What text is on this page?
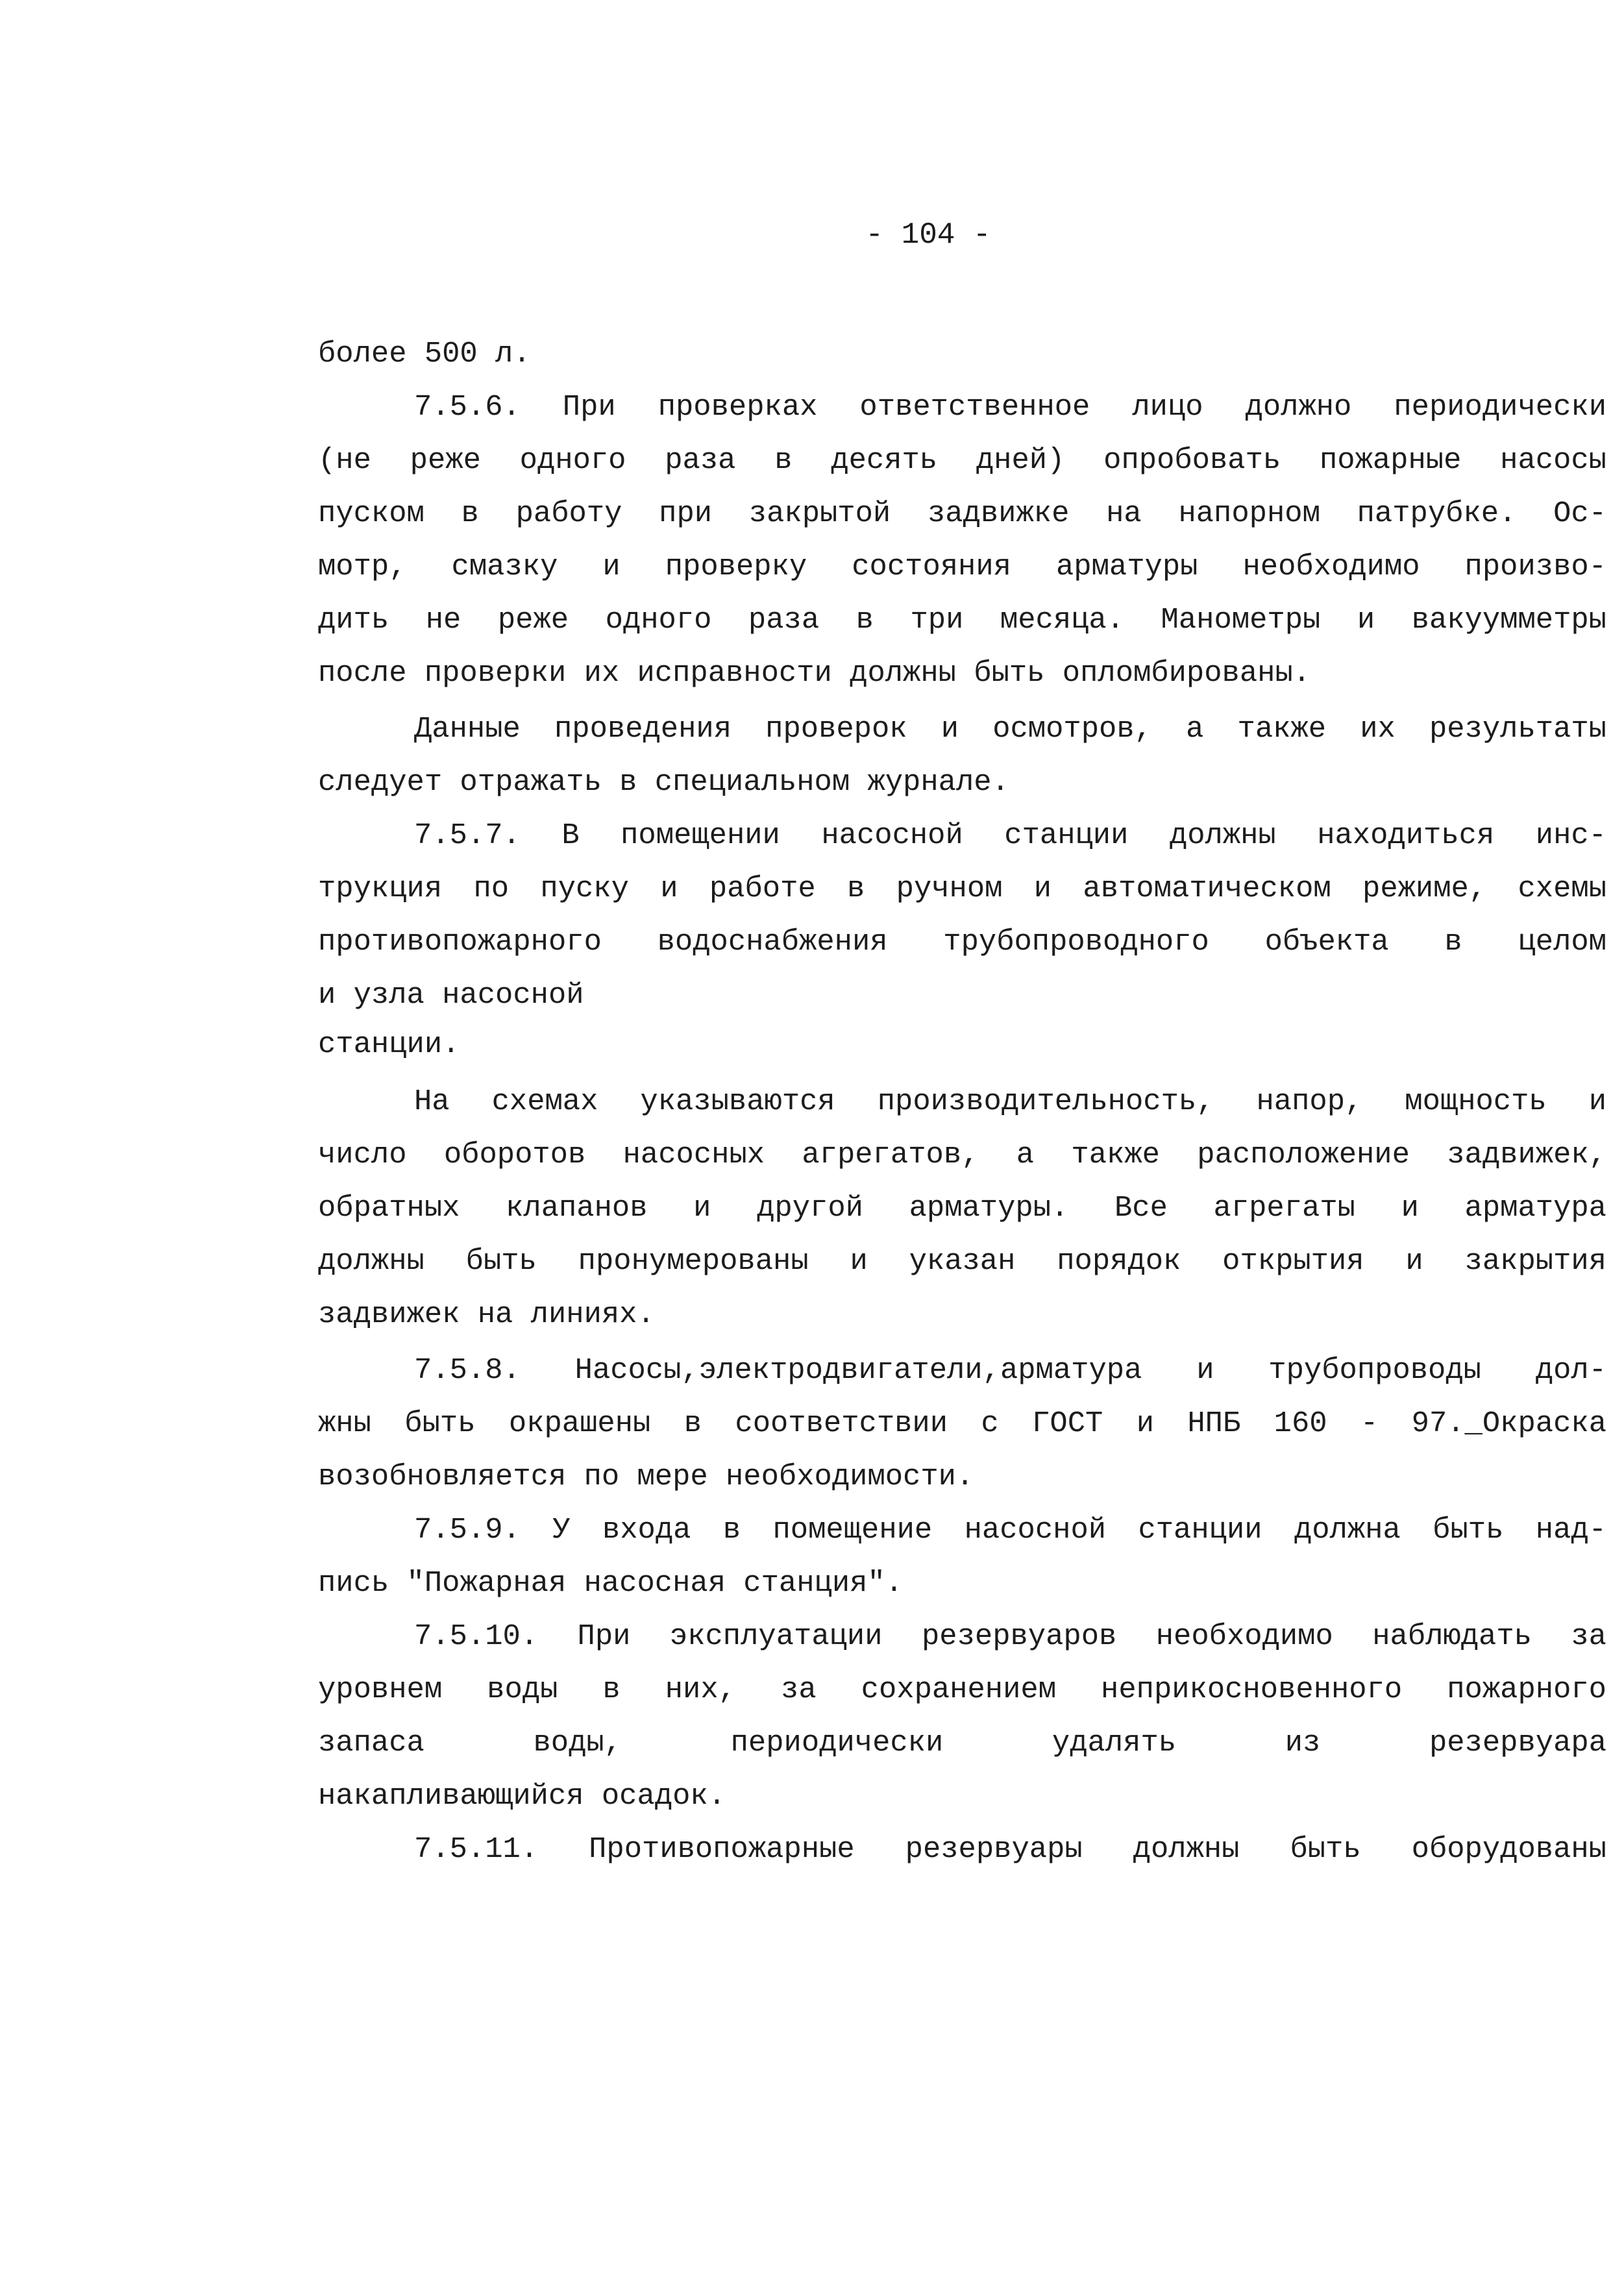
- 104 -
более 500 л.
7.5.6. При проверках ответственное лицо должно периодически
(не реже одного раза в десять дней) опробовать пожарные насосы
пуском в работу при закрытой задвижке на напорном патрубке. Ос-
мотр, смазку и проверку состояния арматуры необходимо произво-
дить не реже одного раза в три месяца. Манометры и вакуумметры
после проверки их исправности должны быть опломбированы.
Данные проведения проверок и осмотров, а также их результаты
следует отражать в специальном журнале.
7.5.7. В помещении насосной станции должны находиться инс-
трукция по пуску и работе в ручном и автоматическом режиме, схемы
противопожарного водоснабжения трубопроводного объекта в целом
и узла насосной
станции.
На схемах указываются производительность, напор, мощность и
число оборотов насосных агрегатов, а также расположение задвижек,
обратных клапанов и другой арматуры. Все агрегаты и арматура
должны быть пронумерованы и указан порядок открытия и закрытия
задвижек на линиях.
7.5.8. Насосы,электродвигатели,арматура и трубопроводы дол-
жны быть окрашены в соответствии с ГОСТ и НПБ 160 - 97._Окраска
возобновляется по мере необходимости.
7.5.9. У входа в помещение насосной станции должна быть над-
пись "Пожарная насосная станция".
7.5.10. При эксплуатации резервуаров необходимо наблюдать за
уровнем воды в них, за сохранением неприкосновенного пожарного
запаса воды, периодически удалять из резервуара
накапливающийся осадок.
7.5.11. Противопожарные резервуары должны быть оборудованы
